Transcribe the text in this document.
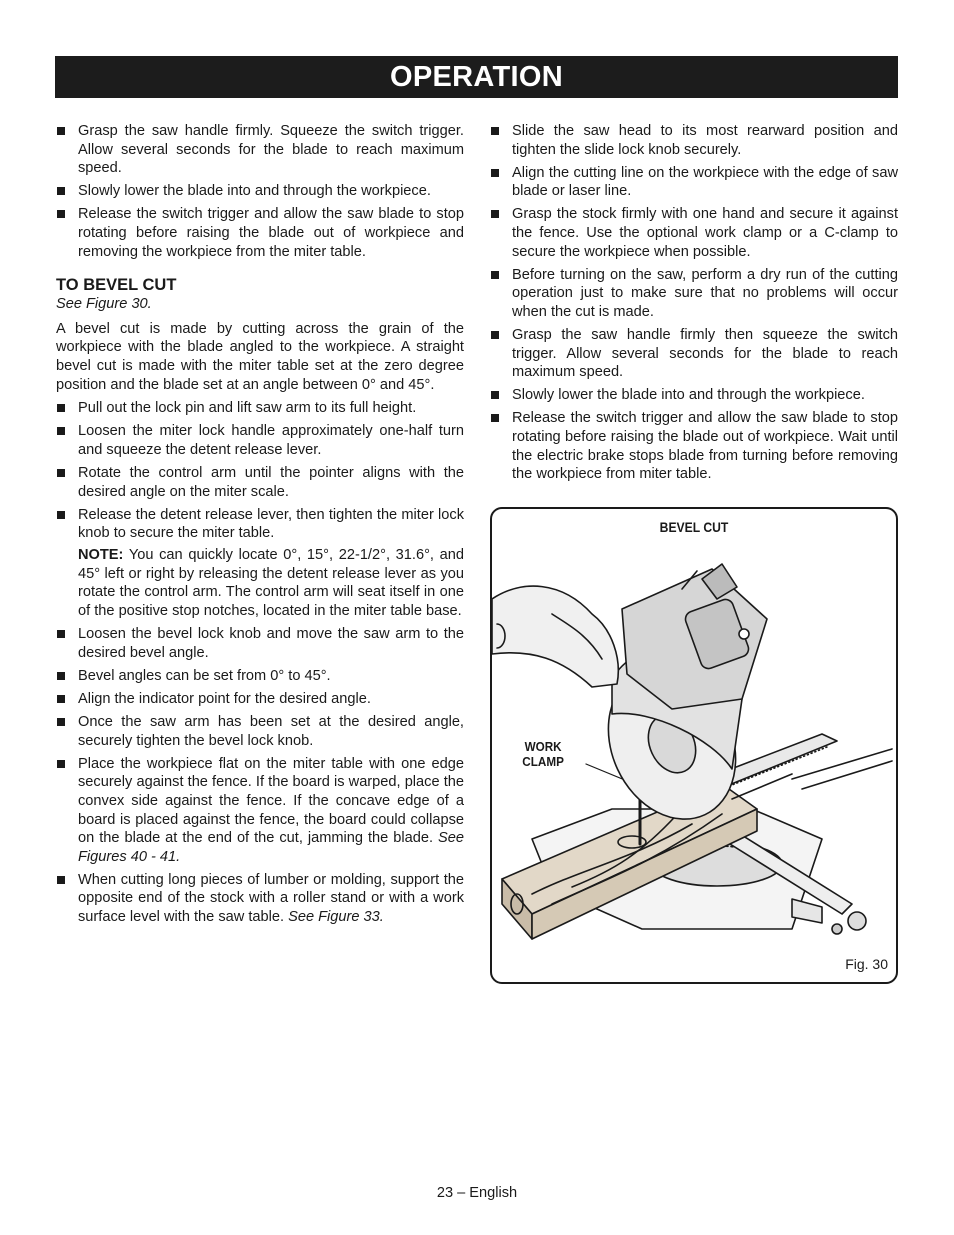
OPERATION
Grasp the saw handle firmly. Squeeze the switch trigger. Allow several seconds for the blade to reach maximum speed.
Slowly lower the blade into and through the workpiece.
Release the switch trigger and allow the saw blade to stop rotating before raising the blade out of workpiece and removing the workpiece from the miter table.
TO BEVEL CUT
See Figure 30.

A bevel cut is made by cutting across the grain of the workpiece with the blade angled to the workpiece. A straight bevel cut is made with the miter table set at the zero degree position and the blade set at an angle between 0° and 45°.

Pull out the lock pin and lift saw arm to its full height.
Loosen the miter lock handle approximately one-half turn and squeeze the detent release lever.
Rotate the control arm until the pointer aligns with the desired angle on the miter scale.
Release the detent release lever, then tighten the miter lock knob to secure the miter table.
NOTE: You can quickly locate 0°, 15°, 22-1/2°, 31.6°, and 45° left or right by releasing the detent release lever as you rotate the control arm. The control arm will seat itself in one of the positive stop notches, located in the miter table base.
Loosen the bevel lock knob and move the saw arm to the desired bevel angle.
Bevel angles can be set from 0° to 45°.
Align the indicator point for the desired angle.
Once the saw arm has been set at the desired angle, securely tighten the bevel lock knob.
Place the workpiece flat on the miter table with one edge securely against the fence. If the board is warped, place the convex side against the fence. If the concave edge of a board is placed against the fence, the board could collapse on the blade at the end of the cut, jamming the blade. See Figures 40 - 41.
When cutting long pieces of lumber or molding, support the opposite end of the stock with a roller stand or with a work surface level with the saw table. See Figure 33.
Slide the saw head to its most rearward position and tighten the slide lock knob securely.
Align the cutting line on the workpiece with the edge of saw blade or laser line.
Grasp the stock firmly with one hand and secure it against the fence. Use the optional work clamp or a C-clamp to secure the workpiece when possible.
Before turning on the saw, perform a dry run of the cutting operation just to make sure that no problems will occur when the cut is made.
Grasp the saw handle firmly then squeeze the switch trigger. Allow several seconds for the blade to reach maximum speed.
Slowly lower the blade into and through the workpiece.
Release the switch trigger and allow the saw blade to stop rotating before raising the blade out of workpiece. Wait until the electric brake stops blade from turning before removing the workpiece from miter table.
BEVEL CUT
WORK
CLAMP
Fig. 30
23 – English
